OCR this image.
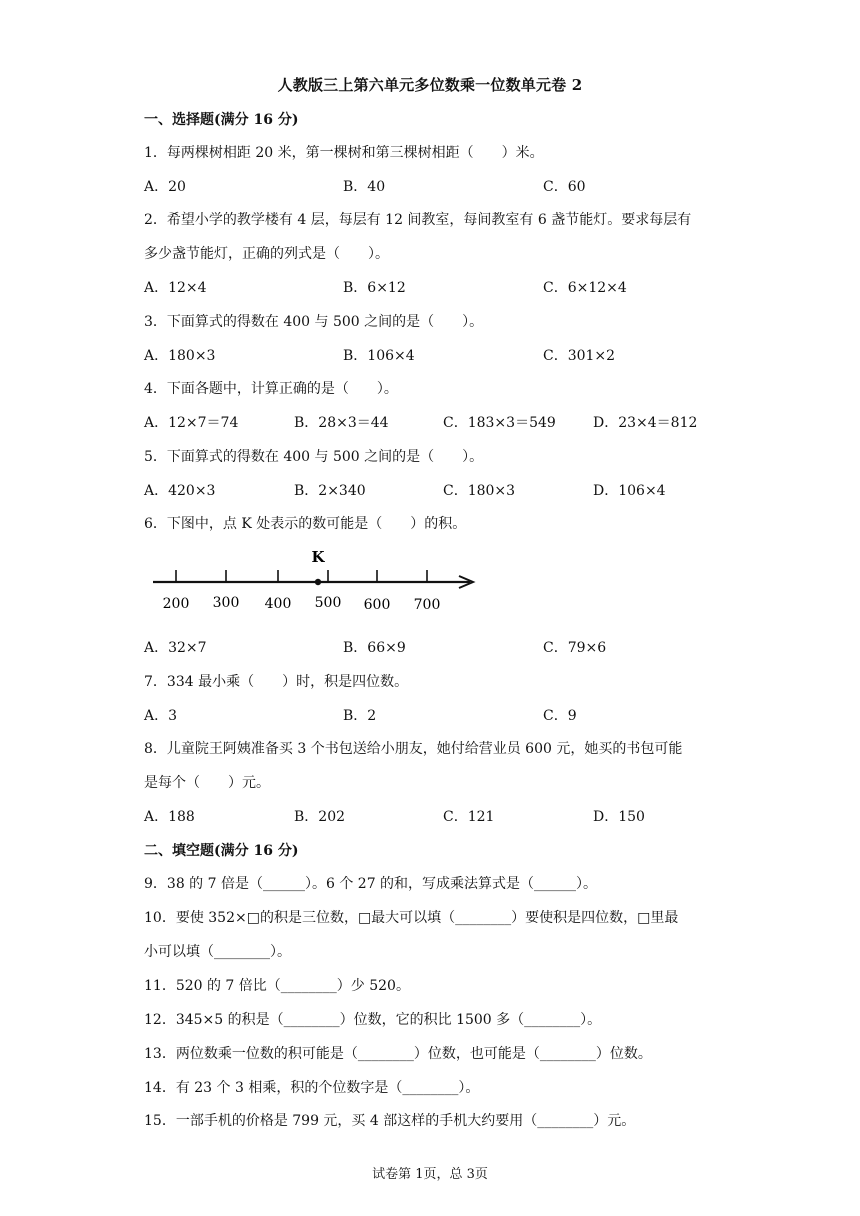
人教版三上第六单元多位数乘一位数单元卷 2
一、选择题(满分 16 分)
1．每两棵树相距 20 米，第一棵树和第三棵树相距（　　）米。
A．20	B．40	C．60
2．希望小学的教学楼有 4 层，每层有 12 间教室，每间教室有 6 盏节能灯。要求每层有
多少盏节能灯，正确的列式是（　　）。
A．12×4	B．6×12	C．6×12×4
3．下面算式的得数在 400 与 500 之间的是（　　）。
A．180×3	B．106×4	C．301×2
4．下面各题中，计算正确的是（　　）。
A．12×7＝74	B．28×3＝44	C．183×3＝549	D．23×4＝812
5．下面算式的得数在 400 与 500 之间的是（　　）。
A．420×3	B．2×340	C．180×3	D．106×4
6．下图中，点 K 处表示的数可能是（　　）的积。
K
200 300 400 500 600 700
A．32×7	B．66×9	C．79×6
7．334 最小乘（　　）时，积是四位数。
A．3	B．2	C．9
8．儿童院王阿姨准备买 3 个书包送给小朋友，她付给营业员 600 元，她买的书包可能
是每个（　　）元。
A．188	B．202	C．121	D．150
二、填空题(满分 16 分)
9．38 的 7 倍是（______）。6 个 27 的和，写成乘法算式是（______）。
10．要使 352×□的积是三位数，□最大可以填（________）要使积是四位数，□里最
小可以填（________）。
11．520 的 7 倍比（________）少 520。
12．345×5 的积是（________）位数，它的积比 1500 多（________）。
13．两位数乘一位数的积可能是（________）位数，也可能是（________）位数。
14．有 23 个 3 相乘，积的个位数字是（________）。
15．一部手机的价格是 799 元，买 4 部这样的手机大约要用（________）元。
试卷第 1页，总 3页
